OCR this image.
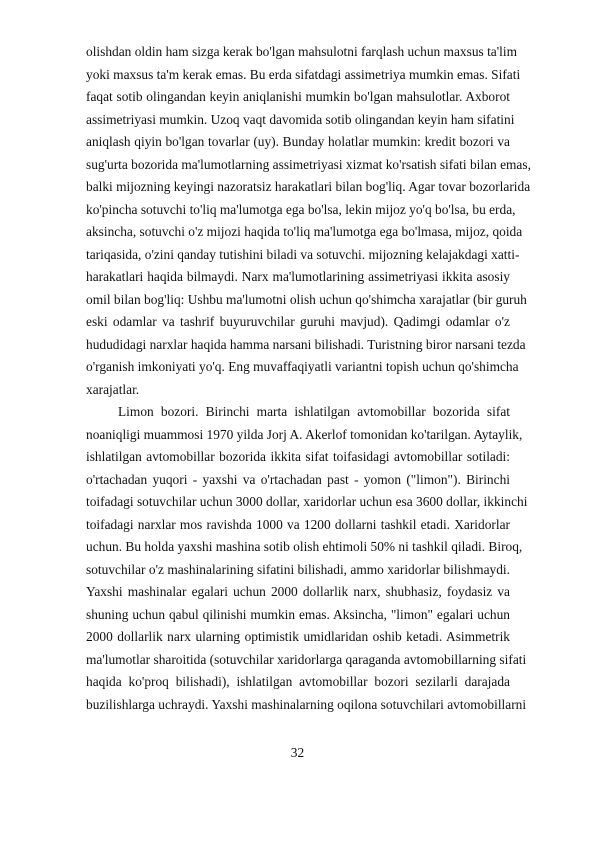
olishdan oldin ham sizga kerak bo'lgan mahsulotni farqlash uchun maxsus ta'lim
yoki maxsus ta'm kerak emas. Bu erda sifatdagi assimetriya mumkin emas. Sifati
faqat sotib olingandan keyin aniqlanishi mumkin bo'lgan mahsulotlar. Axborot
assimetriyasi mumkin. Uzoq vaqt davomida sotib olingandan keyin ham sifatini
aniqlash qiyin bo'lgan tovarlar (uy). Bunday holatlar mumkin: kredit bozori va
sug'urta bozorida ma'lumotlarning assimetriyasi xizmat ko'rsatish sifati bilan emas,
balki mijozning keyingi nazoratsiz harakatlari bilan bog'liq. Agar tovar bozorlarida
ko'pincha sotuvchi to'liq ma'lumotga ega bo'lsa, lekin mijoz yo'q bo'lsa, bu erda,
aksincha, sotuvchi o'z mijozi haqida to'liq ma'lumotga ega bo'lmasa, mijoz, qoida
tariqasida, o'zini qanday tutishini biladi va sotuvchi. mijozning kelajakdagi xatti-
harakatlari haqida bilmaydi. Narx ma'lumotlarining assimetriyasi ikkita asosiy
omil bilan bog'liq: Ushbu ma'lumotni olish uchun qo'shimcha xarajatlar (bir guruh
eski odamlar va tashrif buyuruvchilar guruhi mavjud). Qadimgi odamlar o'z
hududidagi narxlar haqida hamma narsani bilishadi. Turistning biror narsani tezda
o'rganish imkoniyati yo'q. Eng muvaffaqiyatli variantni topish uchun qo'shimcha
xarajatlar.
Limon bozori. Birinchi marta ishlatilgan avtomobillar bozorida sifat
noaniqligi muammosi 1970 yilda Jorj A. Akerlof tomonidan ko'tarilgan. Aytaylik,
ishlatilgan avtomobillar bozorida ikkita sifat toifasidagi avtomobillar sotiladi:
o'rtachadan yuqori - yaxshi va o'rtachadan past - yomon ("limon"). Birinchi
toifadagi sotuvchilar uchun 3000 dollar, xaridorlar uchun esa 3600 dollar, ikkinchi
toifadagi narxlar mos ravishda 1000 va 1200 dollarni tashkil etadi. Xaridorlar
uchun. Bu holda yaxshi mashina sotib olish ehtimoli 50% ni tashkil qiladi. Biroq,
sotuvchilar o'z mashinalarining sifatini bilishadi, ammo xaridorlar bilishmaydi.
Yaxshi mashinalar egalari uchun 2000 dollarlik narx, shubhasiz, foydasiz va
shuning uchun qabul qilinishi mumkin emas. Aksincha, "limon" egalari uchun
2000 dollarlik narx ularning optimistik umidlaridan oshib ketadi. Asimmetrik
ma'lumotlar sharoitida (sotuvchilar xaridorlarga qaraganda avtomobillarning sifati
haqida ko'proq bilishadi), ishlatilgan avtomobillar bozori sezilarli darajada
buzilishlarga uchraydi. Yaxshi mashinalarning oqilona sotuvchilari avtomobillarni
32
